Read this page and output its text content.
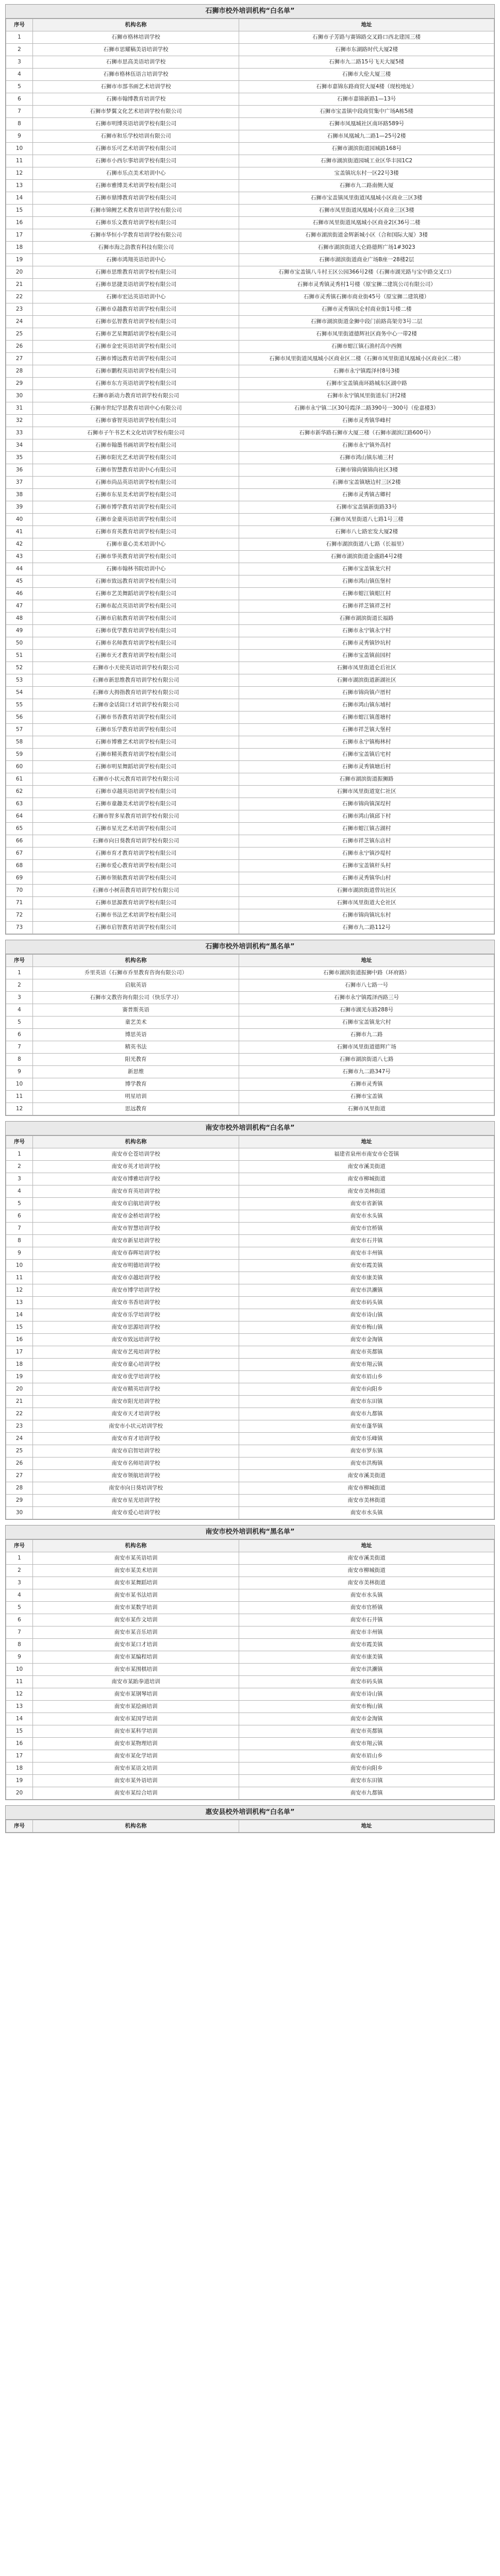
石狮市校外培训机构“白名单”
序号	机构名称	地址
1	石狮市格林培训学校	石狮市子芳路与赛锦路交叉路口西北建国三楼
2	石狮市思耀稿美语培训学校	石狮市东湖路时代大厦2楼
3	石狮市思高美语培训学校	石狮市九二路15号飞天大厦5楼
4	石狮市格林伍语言培训学校	石狮市大伦大厦三楼
5	石狮市市部书画艺术培训学校	石狮市嘉锦东路商贸大厦4楼（现校地址）
6	石狮市翰博教育培训学校	石狮市嘉锦新路1—13号
7	石狮市梦翼文化艺术培训学校有限公司	石狮市宝盖镇中段商贸集中广场A栋5楼
8	石狮市明博英语培训学校有限公司	石狮市凤凰城社区南环路589号
9	石狮市和乐学校培训有限公司	石狮市凤凰城九二路1—25号2楼
10	石狮市乐可艺术培训学校有限公司	石狮市湖滨街道园城路168号
11	石狮市小西尔事培训学校有限公司	石狮市湖滨街道园城工业区华丰园1C2
12	石狮市乐点美术培训中心	宝盖镇坑东村一区22号3楼
13	石狮市雅博美术培训学校有限公司	石狮市九二路南侧大厦
14	石狮市鼎博教育培训学校有限公司	石狮市宝盖镇凤里街道凤凰城小区商业三区3楼
15	石狮市锦鲤艺术教育培训学校有限公司	石狮市凤里街道凤凰城小区商业三区3楼
16	石狮市乐文教育培训学校有限公司	石狮市凤里街道凤凰城小区商业2区36号二楼
17	石狮市华恒小学教育培训学校有限公司	石狮市湖滨街道金辉新城小区（合和国际大厦）3楼
18	石狮市海之韵教育科技有限公司	石狮市湖滨街道大仑路德辉广场1#3023
19	石狮市鸿翔英语培训中心	石狮市湖滨街道商业广场B座一28楼2层
20	石狮市思维教育培训学校有限公司	石狮市宝盖镇八斗村王区公园366号2楼（石狮市湖光路与宝中路交叉口）
21	石狮市思捷美语培训学校有限公司	石狮市灵秀镇灵秀村1号楼（原宝狮二建筑公司有限公司）
22	石狮市宏达英语培训中心	石狮市灵秀镇石狮市商业街45号（原宝狮二建筑楼）
23	石狮市卓越教育培训学校有限公司	石狮市灵秀镇坑仑村商业街1号楼二楼
24	石狮市弘智教育培训学校有限公司	石狮市湖滨街道金狮中段门前路高架旁3号二层
25	石狮市艺星舞蹈培训学校有限公司	石狮市凤里街道德辉社区商务中心一带2楼
26	石狮市金宏英语培训学校有限公司	石狮市蚶江镇石渔村高中西侧
27	石狮市博远教育培训学校有限公司	石狮市凤里街道凤凰城小区商业区二楼（石狮市凤里街道凤凰城小区商业区二楼）
28	石狮市鹏程英语培训学校有限公司	石狮市永宁镇霞泽村8号3楼
29	石狮市东方英语培训学校有限公司	石狮市宝盖镇南环路城东区湖中路
30	石狮市新动力教育培训学校有限公司	石狮市永宁镇凤里街道东门村2楼
31	石狮市世纪学思教育培训中心有限公司	石狮市永宁镇二区30号霞泽二路390号一300号（伦嘉楼3）
32	石狮市睿智英语培训学校有限公司	石狮市灵秀镇华峰村
33	石狮市子午书艺术文化培训学校有限公司	石狮市新华路石狮市大厦三楼（石狮市湖滨江路600号）
34	石狮市翰墨书画培训学校有限公司	石狮市永宁镇外高村
35	石狮市阳光艺术培训学校有限公司	石狮市鸿山镇东埔三村
36	石狮市智慧教育培训中心有限公司	石狮市锦尚镇锦尚社区3楼
37	石狮市尚品英语培训学校有限公司	石狮市宝盖镇塘边村三区2楼
38	石狮市东星美术培训学校有限公司	石狮市灵秀镇古卿村
39	石狮市博学教育培训学校有限公司	石狮市宝盖镇新街路33号
40	石狮市金童英语培训学校有限公司	石狮市凤里街道八七路1号三楼
41	石狮市育英教育培训学校有限公司	石狮市八七路宏发大厦2楼
42	石狮市童心美术培训中心	石狮市湖滨街道八七路（长福里）
43	石狮市华英教育培训学校有限公司	石狮市湖滨街道金盛路4号2楼
44	石狮市翰林书院培训中心	石狮市宝盖镇龙穴村
45	石狮市致远教育培训学校有限公司	石狮市鸿山镇伍堡村
46	石狮市艺美舞蹈培训学校有限公司	石狮市蚶江镇蚶江村
47	石狮市起点英语培训学校有限公司	石狮市祥芝镇祥芝村
48	石狮市启航教育培训学校有限公司	石狮市湖滨街道长福路
49	石狮市优学教育培训学校有限公司	石狮市永宁镇永宁村
50	石狮市名师教育培训学校有限公司	石狮市灵秀镇钞坑村
51	石狮市天才教育培训学校有限公司	石狮市宝盖镇前园村
52	石狮市小天使英语培训学校有限公司	石狮市凤里街道仑后社区
53	石狮市新思维教育培训学校有限公司	石狮市湖滨街道新湖社区
54	石狮市大拇指教育培训学校有限公司	石狮市锦尚镇卢厝村
55	石狮市金话筒口才培训学校有限公司	石狮市鸿山镇东埔村
56	石狮市书香教育培训学校有限公司	石狮市蚶江镇莲塘村
57	石狮市乐学教育培训学校有限公司	石狮市祥芝镇大堡村
58	石狮市博雅艺术培训学校有限公司	石狮市永宁镇梅林村
59	石狮市精英教育培训学校有限公司	石狮市宝盖镇后宅村
60	石狮市明星舞蹈培训学校有限公司	石狮市灵秀镇塘后村
61	石狮市小状元教育培训学校有限公司	石狮市湖滨街道振狮路
62	石狮市卓越英语培训学校有限公司	石狮市凤里街道宽仁社区
63	石狮市童趣美术培训学校有限公司	石狮市锦尚镇深埕村
64	石狮市智多星教育培训学校有限公司	石狮市鸿山镇邱下村
65	石狮市星光艺术培训学校有限公司	石狮市蚶江镇古湖村
66	石狮市向日葵教育培训学校有限公司	石狮市祥芝镇东店村
67	石狮市育才教育培训学校有限公司	石狮市永宁镇沙堤村
68	石狮市爱心教育培训学校有限公司	石狮市宝盖镇杆头村
69	石狮市领航教育培训学校有限公司	石狮市灵秀镇华山村
70	石狮市小树苗教育培训学校有限公司	石狮市湖滨街道曾坑社区
71	石狮市思源教育培训学校有限公司	石狮市凤里街道大仑社区
72	石狮市书法艺术培训学校有限公司	石狮市锦尚镇坑东村
73	石狮市启智教育培训学校有限公司	石狮市九二路112号
石狮市校外培训机构“黑名单”
序号	机构名称	地址
1	乔里英语（石狮市乔里教育咨询有限公司）	石狮市湖滨街道振狮中路（环府路）
2	启航英语	石狮市八七路一号
3	石狮市文教咨询有限公司（快乐学习）	石狮市永宁镇霞泽西路三号
4	赛普斯英语	石狮市湖光东路288号
5	童艺美术	石狮市宝盖镇龙穴村
6	博思英语	石狮市九二路
7	精英书法	石狮市凤里街道德辉广场
8	阳光教育	石狮市湖滨街道八七路
9	新思维	石狮市九二路347号
10	博学教育	石狮市灵秀镇
11	明星培训	石狮市宝盖镇
12	思远教育	石狮市凤里街道
南安市校外培训机构“白名单”
序号	机构名称	地址
1	南安市仑苍培训学校	福建省泉州市南安市仑苍镇
2	南安市英才培训学校	南安市溪美街道
3	南安市博雅培训学校	南安市柳城街道
4	南安市育英培训学校	南安市美林街道
5	南安市启航培训学校	南安市省新镇
6	南安市金桥培训学校	南安市水头镇
7	南安市智慧培训学校	南安市官桥镇
8	南安市新星培训学校	南安市石井镇
9	南安市春晖培训学校	南安市丰州镇
10	南安市明德培训学校	南安市霞美镇
11	南安市卓越培训学校	南安市康美镇
12	南安市博学培训学校	南安市洪濑镇
13	南安市书香培训学校	南安市码头镇
14	南安市乐学培训学校	南安市诗山镇
15	南安市思源培训学校	南安市梅山镇
16	南安市致远培训学校	南安市金淘镇
17	南安市艺苑培训学校	南安市英都镇
18	南安市童心培训学校	南安市翔云镇
19	南安市优学培训学校	南安市眉山乡
20	南安市精英培训学校	南安市向阳乡
21	南安市阳光培训学校	南安市东田镇
22	南安市天才培训学校	南安市九都镇
23	南安市小状元培训学校	南安市蓬华镇
24	南安市育才培训学校	南安市乐峰镇
25	南安市启智培训学校	南安市罗东镇
26	南安市名师培训学校	南安市洪梅镇
27	南安市领航培训学校	南安市溪美街道
28	南安市向日葵培训学校	南安市柳城街道
29	南安市星光培训学校	南安市美林街道
30	南安市爱心培训学校	南安市水头镇
南安市校外培训机构“黑名单”
序号	机构名称	地址
1	南安市某英语培训	南安市溪美街道
2	南安市某美术培训	南安市柳城街道
3	南安市某舞蹈培训	南安市美林街道
4	南安市某书法培训	南安市水头镇
5	南安市某数学培训	南安市官桥镇
6	南安市某作文培训	南安市石井镇
7	南安市某音乐培训	南安市丰州镇
8	南安市某口才培训	南安市霞美镇
9	南安市某编程培训	南安市康美镇
10	南安市某围棋培训	南安市洪濑镇
11	南安市某跆拳道培训	南安市码头镇
12	南安市某钢琴培训	南安市诗山镇
13	南安市某绘画培训	南安市梅山镇
14	南安市某国学培训	南安市金淘镇
15	南安市某科学培训	南安市英都镇
16	南安市某物理培训	南安市翔云镇
17	南安市某化学培训	南安市眉山乡
18	南安市某语文培训	南安市向阳乡
19	南安市某外语培训	南安市东田镇
20	南安市某综合培训	南安市九都镇
惠安县校外培训机构“白名单”
序号	机构名称	地址
